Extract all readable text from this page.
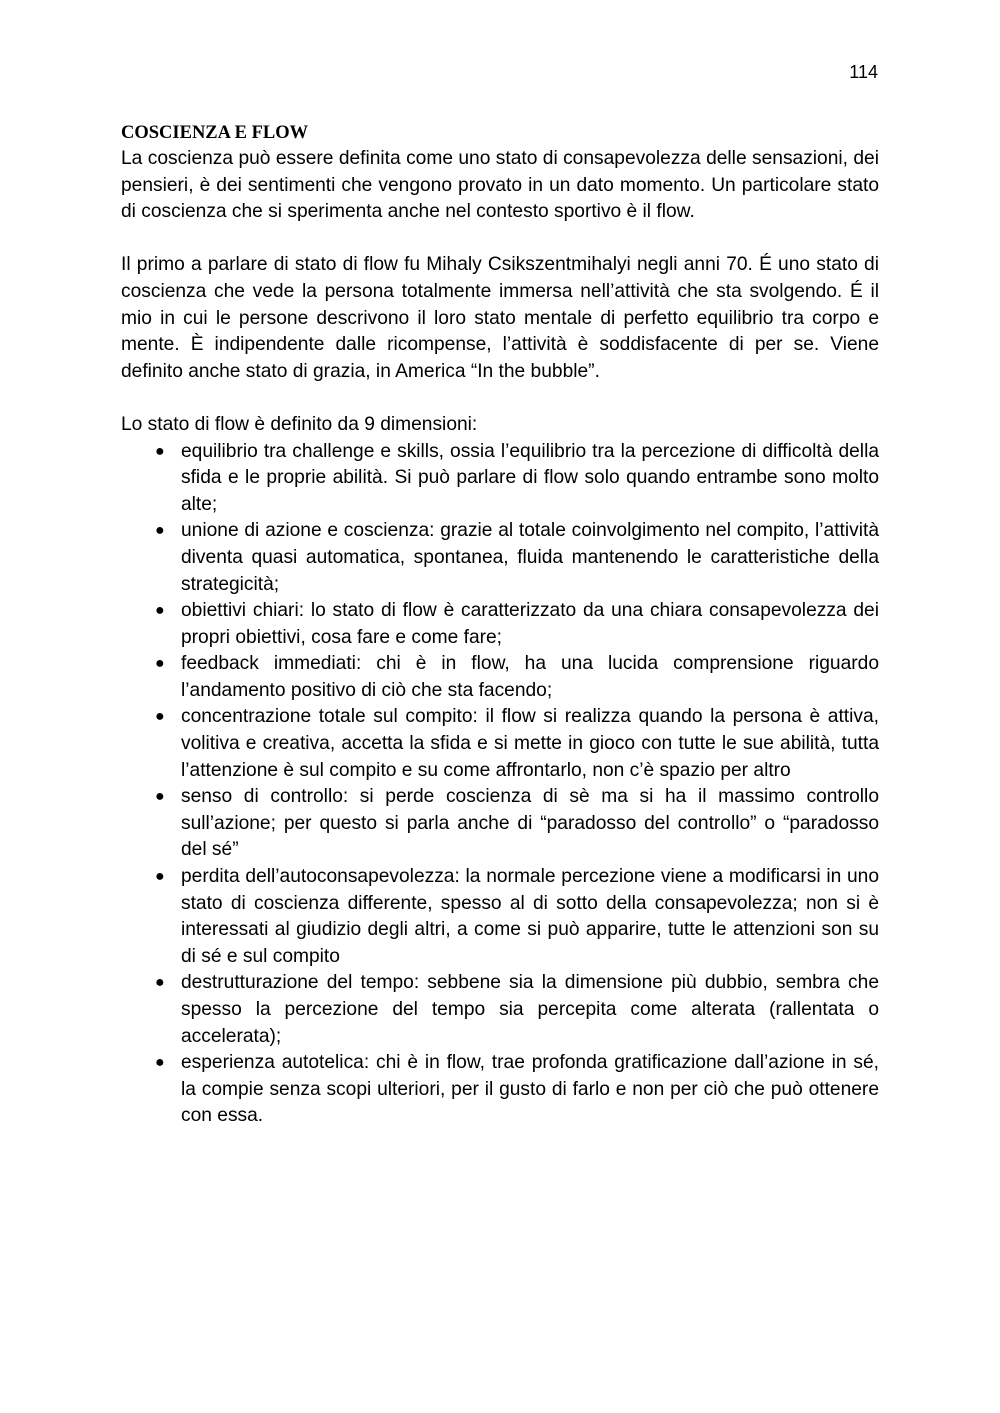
114
COSCIENZA E FLOW

La coscienza può essere definita come uno stato di consapevolezza delle sensazioni, dei pensieri, è dei sentimenti che vengono provato in un dato momento. Un particolare stato di coscienza che si sperimenta anche nel contesto sportivo è il flow.

Il primo a parlare di stato di flow fu Mihaly Csikszentmihalyi negli anni 70. É uno stato di coscienza che vede la persona totalmente immersa nell’attività che sta svolgendo. É il mio in cui le persone descrivono il loro stato mentale di perfetto equilibrio tra corpo e mente. È indipendente dalle ricompense, l’attività è soddisfacente di per se. Viene definito anche stato di grazia, in America “In the bubble”.

Lo stato di flow è definito da 9 dimensioni:

● equilibrio tra challenge e skills, ossia l’equilibrio tra la percezione di difficoltà della sfida e le proprie abilità. Si può parlare di flow solo quando entrambe sono molto alte;
● unione di azione e coscienza: grazie al totale coinvolgimento nel compito, l’attività diventa quasi automatica, spontanea, fluida mantenendo le caratteristiche della strategicità;
● obiettivi chiari: lo stato di flow è caratterizzato da una chiara consapevolezza dei propri obiettivi, cosa fare e come fare;
● feedback immediati: chi è in flow, ha una lucida comprensione riguardo l’andamento positivo di ciò che sta facendo;
● concentrazione totale sul compito: il flow si realizza quando la persona è attiva, volitiva e creativa, accetta la sfida e si mette in gioco con tutte le sue abilità, tutta l’attenzione è sul compito e su come affrontarlo, non c’è spazio per altro
● senso di controllo: si perde coscienza di sè ma si ha il massimo controllo sull’azione; per questo si parla anche di “paradosso del controllo” o “paradosso del sé”
● perdita dell’autoconsapevolezza: la normale percezione viene a modificarsi in uno stato di coscienza differente, spesso al di sotto della consapevolezza; non si è interessati al giudizio degli altri, a come si può apparire, tutte le attenzioni son su di sé e sul compito
● destrutturazione del tempo: sebbene sia la dimensione più dubbio, sembra che spesso la percezione del tempo sia percepita come alterata (rallentata o accelerata);
● esperienza autotelica: chi è in flow, trae profonda gratificazione dall’azione in sé, la compie senza scopi ulteriori, per il gusto di farlo e non per ciò che può ottenere con essa.
